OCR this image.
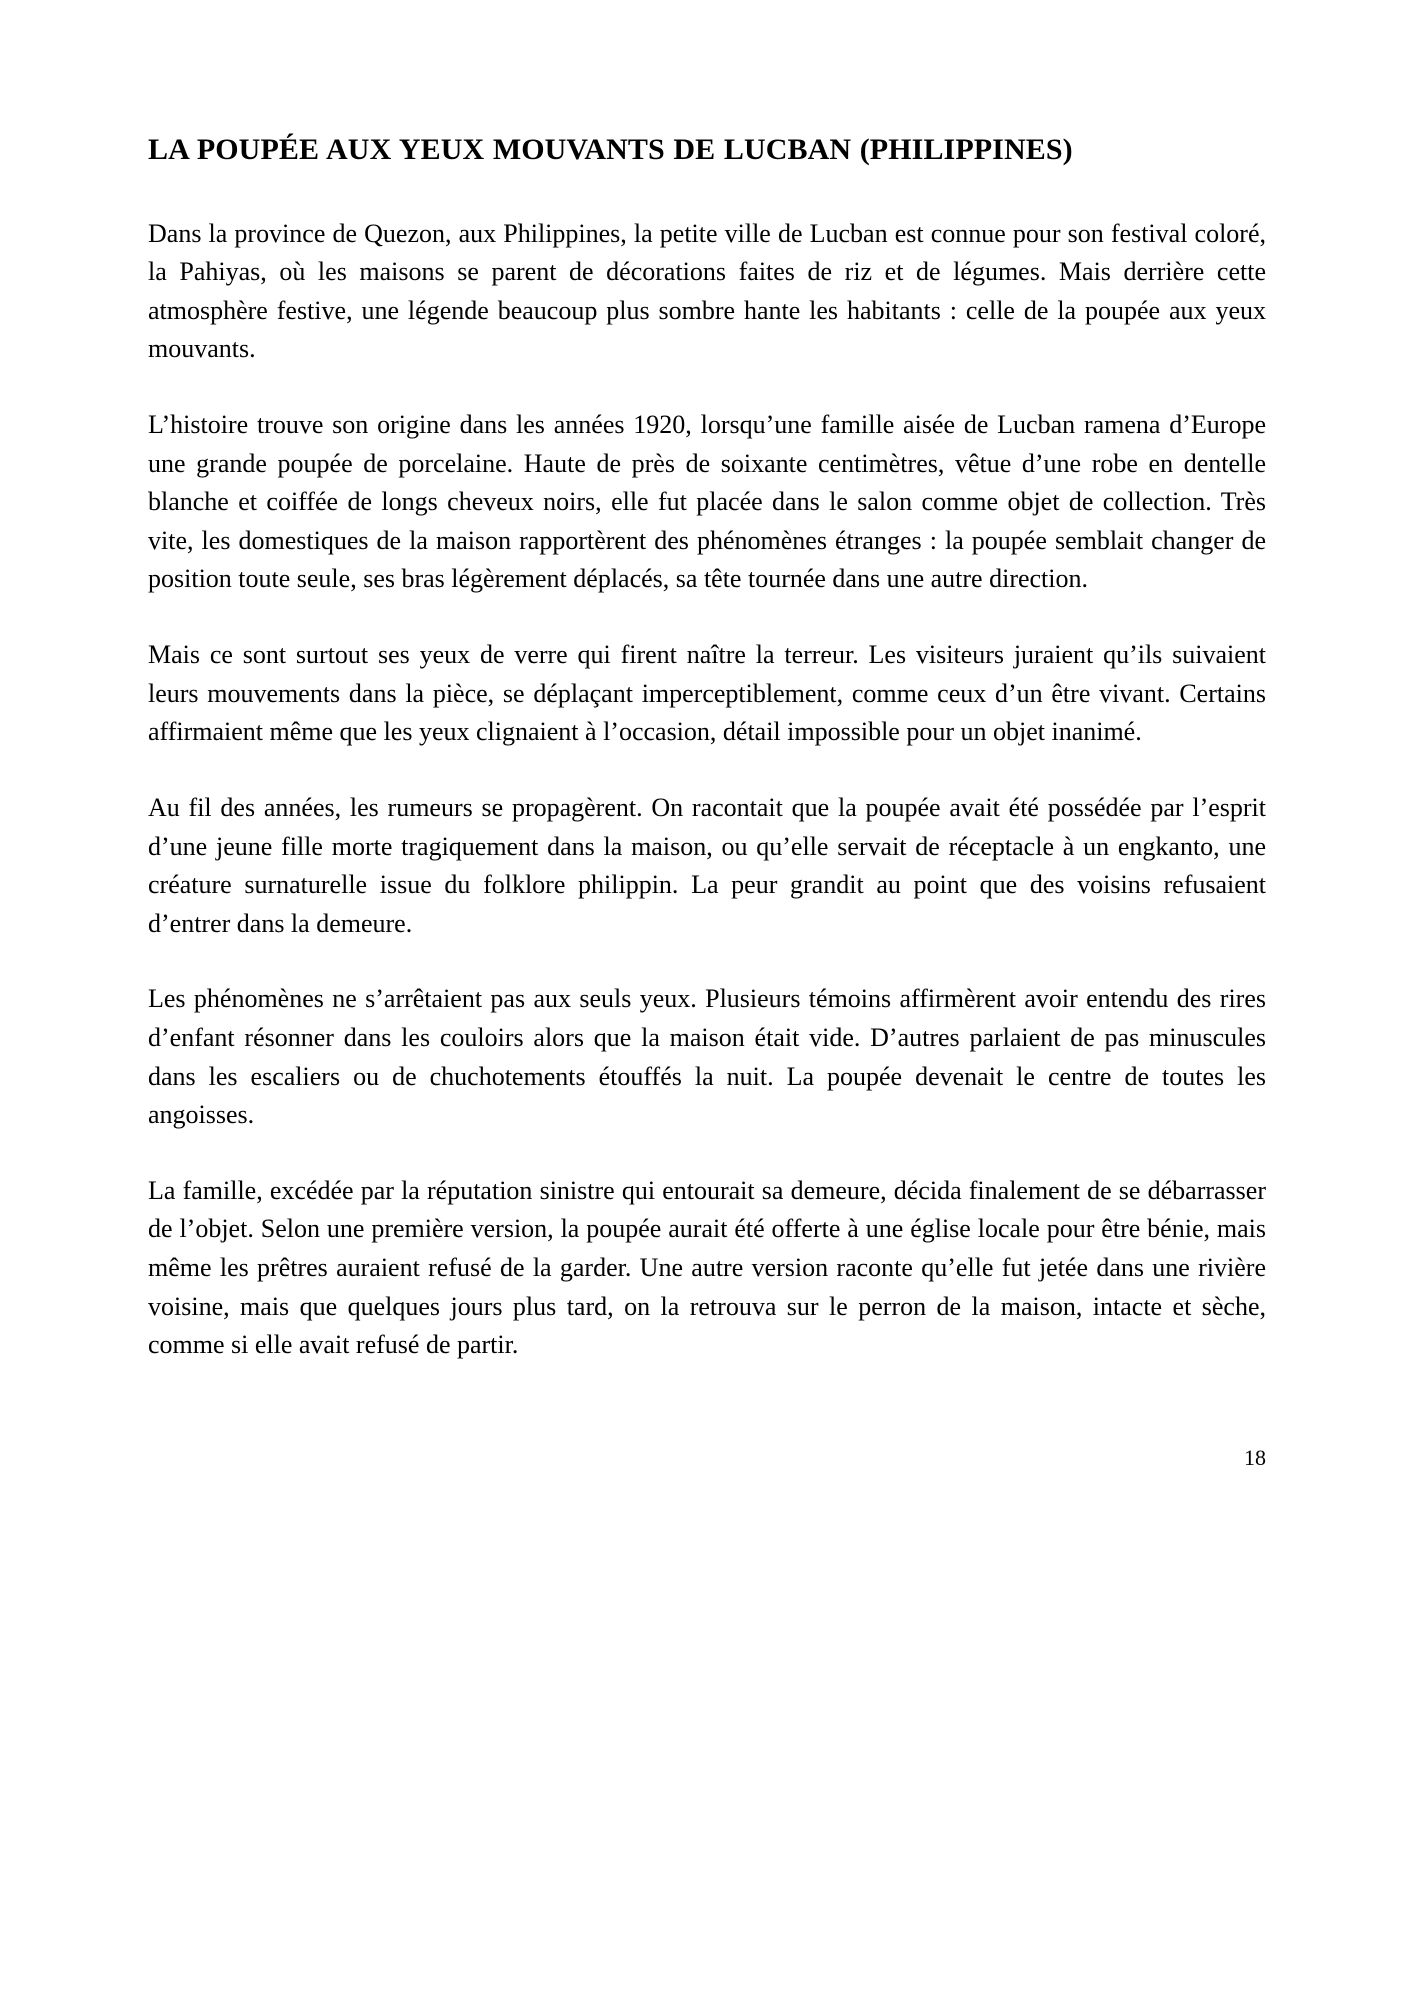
LA POUPÉE AUX YEUX MOUVANTS DE LUCBAN (PHILIPPINES)

Dans la province de Quezon, aux Philippines, la petite ville de Lucban est connue pour son festival coloré, la Pahiyas, où les maisons se parent de décorations faites de riz et de légumes. Mais derrière cette atmosphère festive, une légende beaucoup plus sombre hante les habitants : celle de la poupée aux yeux mouvants.

L’histoire trouve son origine dans les années 1920, lorsqu’une famille aisée de Lucban ramena d’Europe une grande poupée de porcelaine. Haute de près de soixante centimètres, vêtue d’une robe en dentelle blanche et coiffée de longs cheveux noirs, elle fut placée dans le salon comme objet de collection. Très vite, les domestiques de la maison rapportèrent des phénomènes étranges : la poupée semblait changer de position toute seule, ses bras légèrement déplacés, sa tête tournée dans une autre direction.

Mais ce sont surtout ses yeux de verre qui firent naître la terreur. Les visiteurs juraient qu’ils suivaient leurs mouvements dans la pièce, se déplaçant imperceptiblement, comme ceux d’un être vivant. Certains affirmaient même que les yeux clignaient à l’occasion, détail impossible pour un objet inanimé.

Au fil des années, les rumeurs se propagèrent. On racontait que la poupée avait été possédée par l’esprit d’une jeune fille morte tragiquement dans la maison, ou qu’elle servait de réceptacle à un engkanto, une créature surnaturelle issue du folklore philippin. La peur grandit au point que des voisins refusaient d’entrer dans la demeure.

Les phénomènes ne s’arrêtaient pas aux seuls yeux. Plusieurs témoins affirmèrent avoir entendu des rires d’enfant résonner dans les couloirs alors que la maison était vide. D’autres parlaient de pas minuscules dans les escaliers ou de chuchotements étouffés la nuit. La poupée devenait le centre de toutes les angoisses.

La famille, excédée par la réputation sinistre qui entourait sa demeure, décida finalement de se débarrasser de l’objet. Selon une première version, la poupée aurait été offerte à une église locale pour être bénie, mais même les prêtres auraient refusé de la garder. Une autre version raconte qu’elle fut jetée dans une rivière voisine, mais que quelques jours plus tard, on la retrouva sur le perron de la maison, intacte et sèche, comme si elle avait refusé de partir.

18
